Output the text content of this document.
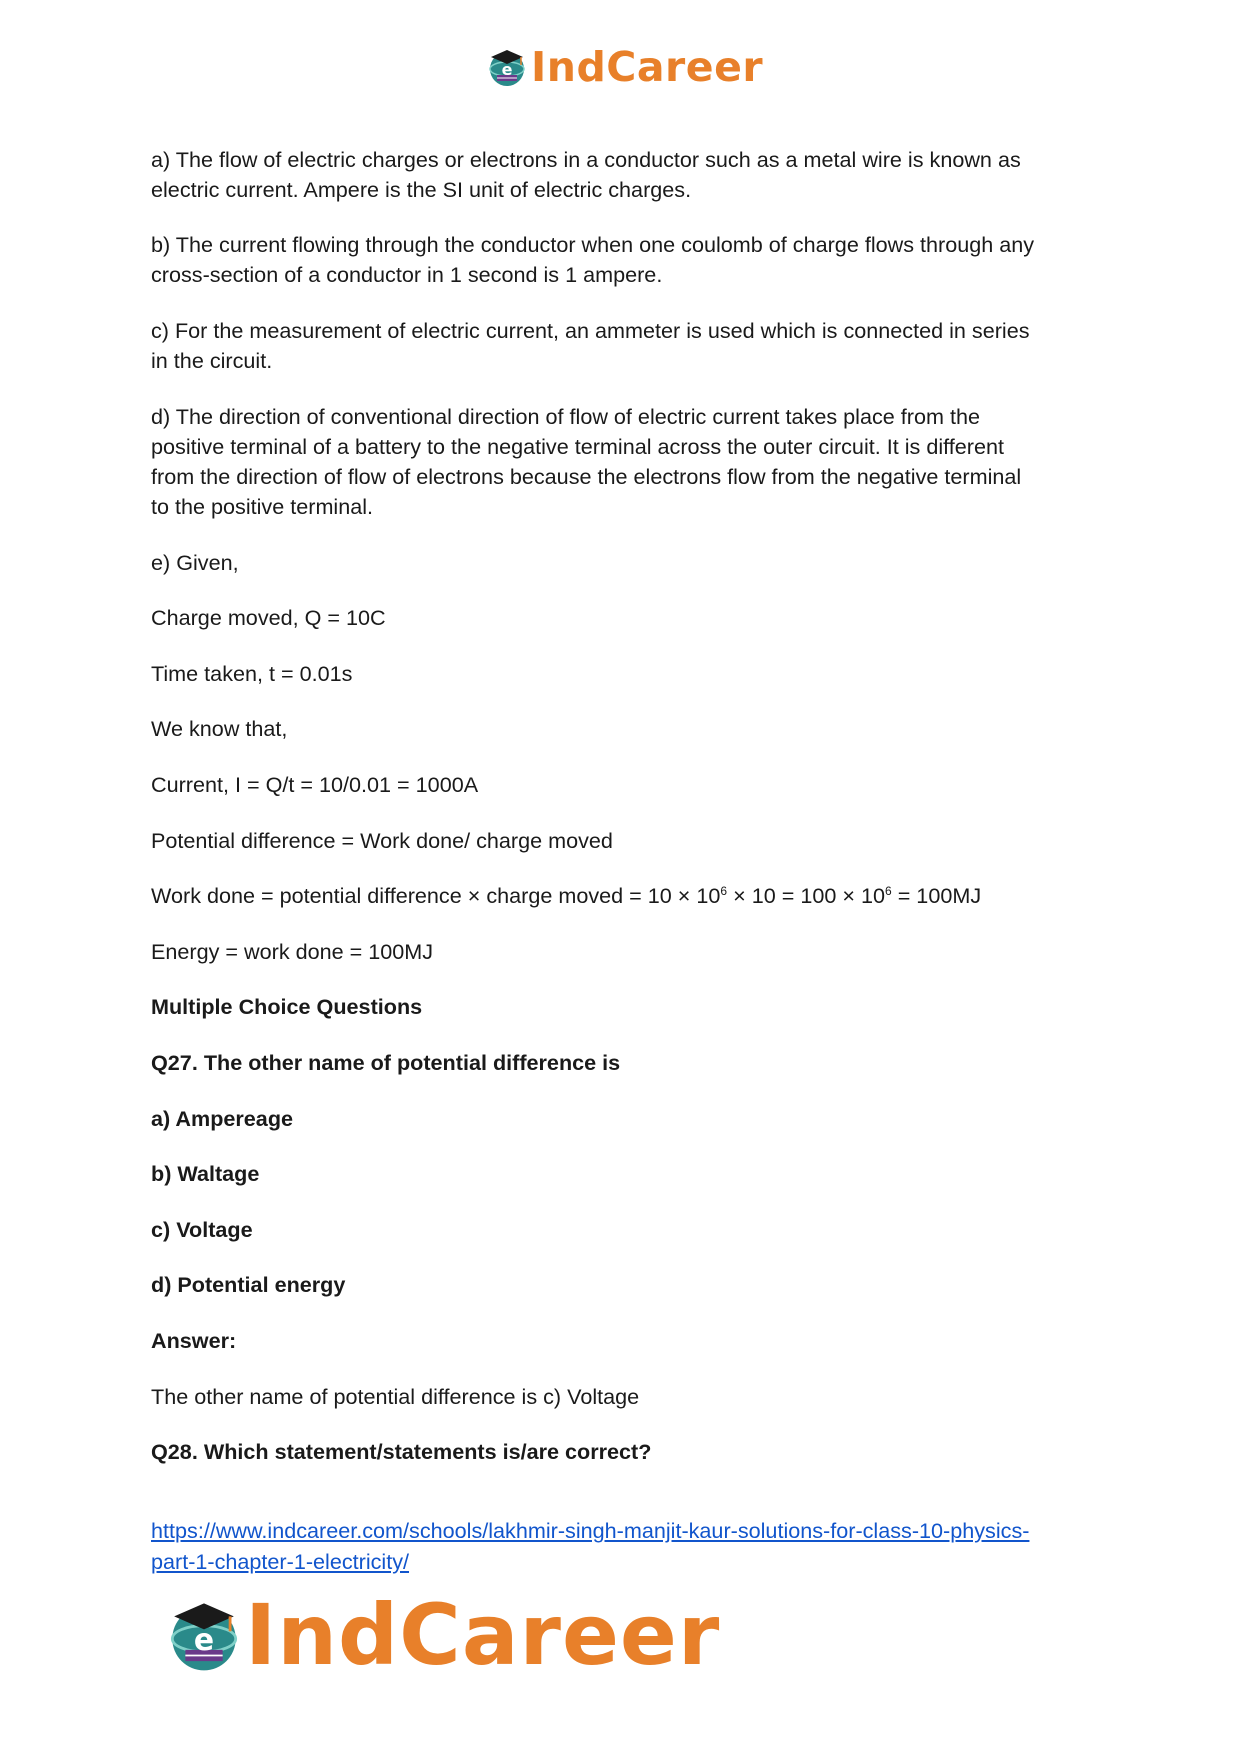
e IndCareer
a) The flow of electric charges or electrons in a conductor such as a metal wire is known as
electric current. Ampere is the SI unit of electric charges.
b) The current flowing through the conductor when one coulomb of charge flows through any
cross-section of a conductor in 1 second is 1 ampere.
c) For the measurement of electric current, an ammeter is used which is connected in series
in the circuit.
d) The direction of conventional direction of flow of electric current takes place from the
positive terminal of a battery to the negative terminal across the outer circuit. It is different
from the direction of flow of electrons because the electrons flow from the negative terminal
to the positive terminal.
e) Given,
Charge moved, Q = 10C
Time taken, t = 0.01s
We know that,
Current, I = Q/t = 10/0.01 = 1000A
Potential difference = Work done/ charge moved
Work done = potential difference × charge moved = $10 \times 10^6 \times 10 = 100 \times 10^6 = 100MJ$
Energy = work done = 100MJ
Multiple Choice Questions
Q27. The other name of potential difference is
a) Ampereage
b) Waltage
c) Voltage
d) Potential energy
Answer:
The other name of potential difference is c) Voltage
Q28. Which statement/statements is/are correct?
https://www.indcareer.com/schools/lakhmir-singh-manjit-kaur-solutions-for-class-10-physics-
part-1-chapter-1-electricity/
e IndCareer
